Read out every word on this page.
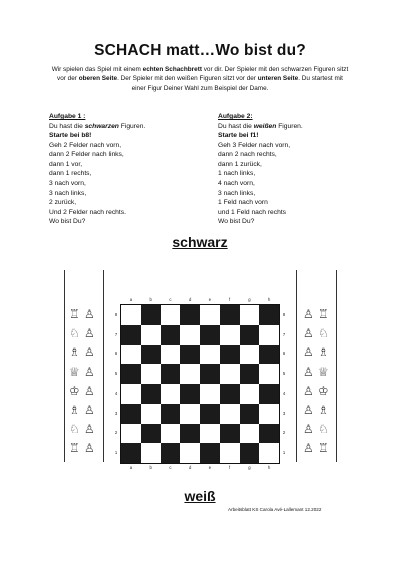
SCHACH matt…Wo bist du?
Wir spielen das Spiel mit einem echten Schachbrett vor dir. Der Spieler mit den schwarzen Figuren sitzt vor der oberen Seite. Der Spieler mit den weißen Figuren sitzt vor der unteren Seite. Du startest mit einer Figur Deiner Wahl zum Beispiel der Dame.
Aufgabe 1 :
Du hast die schwarzen Figuren.
Starte bei b8!
Geh 2 Felder nach vorn,
dann 2 Felder nach links,
dann 1 vor,
dann 1 rechts,
3 nach vorn,
3 nach links,
2 zurück,
Und 2 Felder nach rechts.
Wo bist Du?
Aufgabe 2:
Du hast die weißen Figuren.
Starte bei f1!
Geh 3 Felder nach vorn,
dann 2 nach rechts,
dann 1 zurück,
1 nach links,
4 nach vorn,
3 nach links,
1 Feld nach vorn
und 1 Feld nach rechts
Wo bist Du?
schwarz
♖ ♙
♘ ♙
♗ ♙
♕ ♙
♔ ♙
♗ ♙
♘ ♙
♖ ♙
♙ ♖
♙ ♘
♙ ♗
♙ ♕
♙ ♔
♙ ♗
♙ ♘
♙ ♖
a
a
b
b
c
c
d
d
e
e
f
f
g
g
h
h
8	8
7	7
6	6
5	5
4	4
3	3
2	2
1	1
weiß
Arbeitsblatt KS Carola Avé-Lallemant 12.2022
